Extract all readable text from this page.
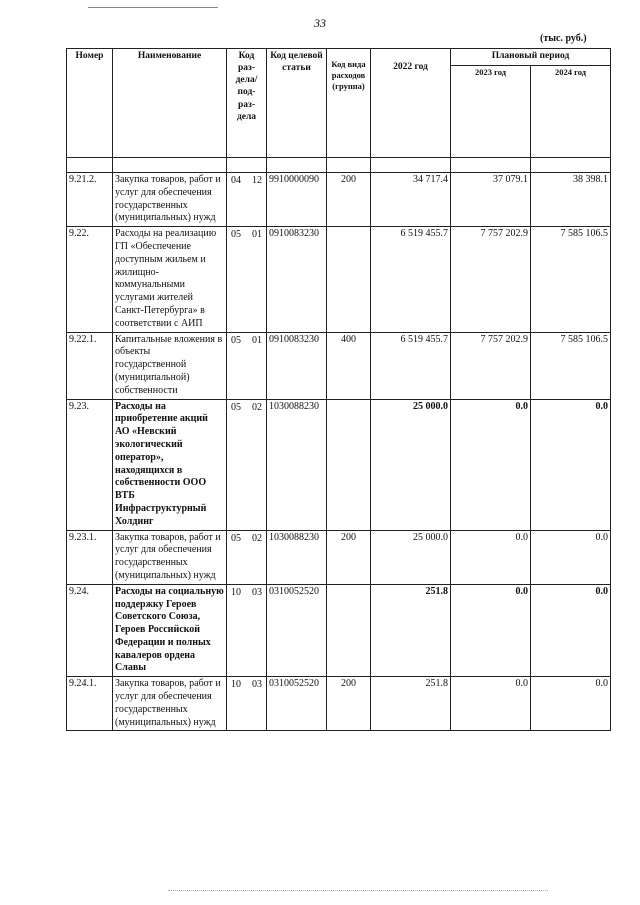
33
(тыс. руб.)
Номер	Наименование	Код раз- дела/ под- раз- дела	Код целевой статьи	Код вида расходов (группа)	2022 год	Плановый период	
						2023 год	2024 год

9.21.2.	Закупка товаров, работ и услуг для обеспечения государственных (муниципальных) нужд	04 12	9910000090	200	34 717.4	37 079.1	38 398.1
9.22.	Расходы на реализацию ГП «Обеспечение доступным жильем и жилищно-коммунальными услугами жителей Санкт-Петербурга» в соответствии с АИП	05 01	0910083230		6 519 455.7	7 757 202.9	7 585 106.5
9.22.1.	Капитальные вложения в объекты государственной (муниципальной) собственности	05 01	0910083230	400	6 519 455.7	7 757 202.9	7 585 106.5
9.23.	Расходы на приобретение акций АО «Невский экологический оператор», находящихся в собственности ООО ВТБ Инфраструктурный Холдинг	05 02	1030088230		25 000.0	0.0	0.0
9.23.1.	Закупка товаров, работ и услуг для обеспечения государственных (муниципальных) нужд	05 02	1030088230	200	25 000.0	0.0	0.0
9.24.	Расходы на социальную поддержку Героев Советского Союза, Героев Российской Федерации и полных кавалеров ордена Славы	10 03	0310052520		251.8	0.0	0.0
9.24.1.	Закупка товаров, работ и услуг для обеспечения государственных (муниципальных) нужд	10 03	0310052520	200	251.8	0.0	0.0
